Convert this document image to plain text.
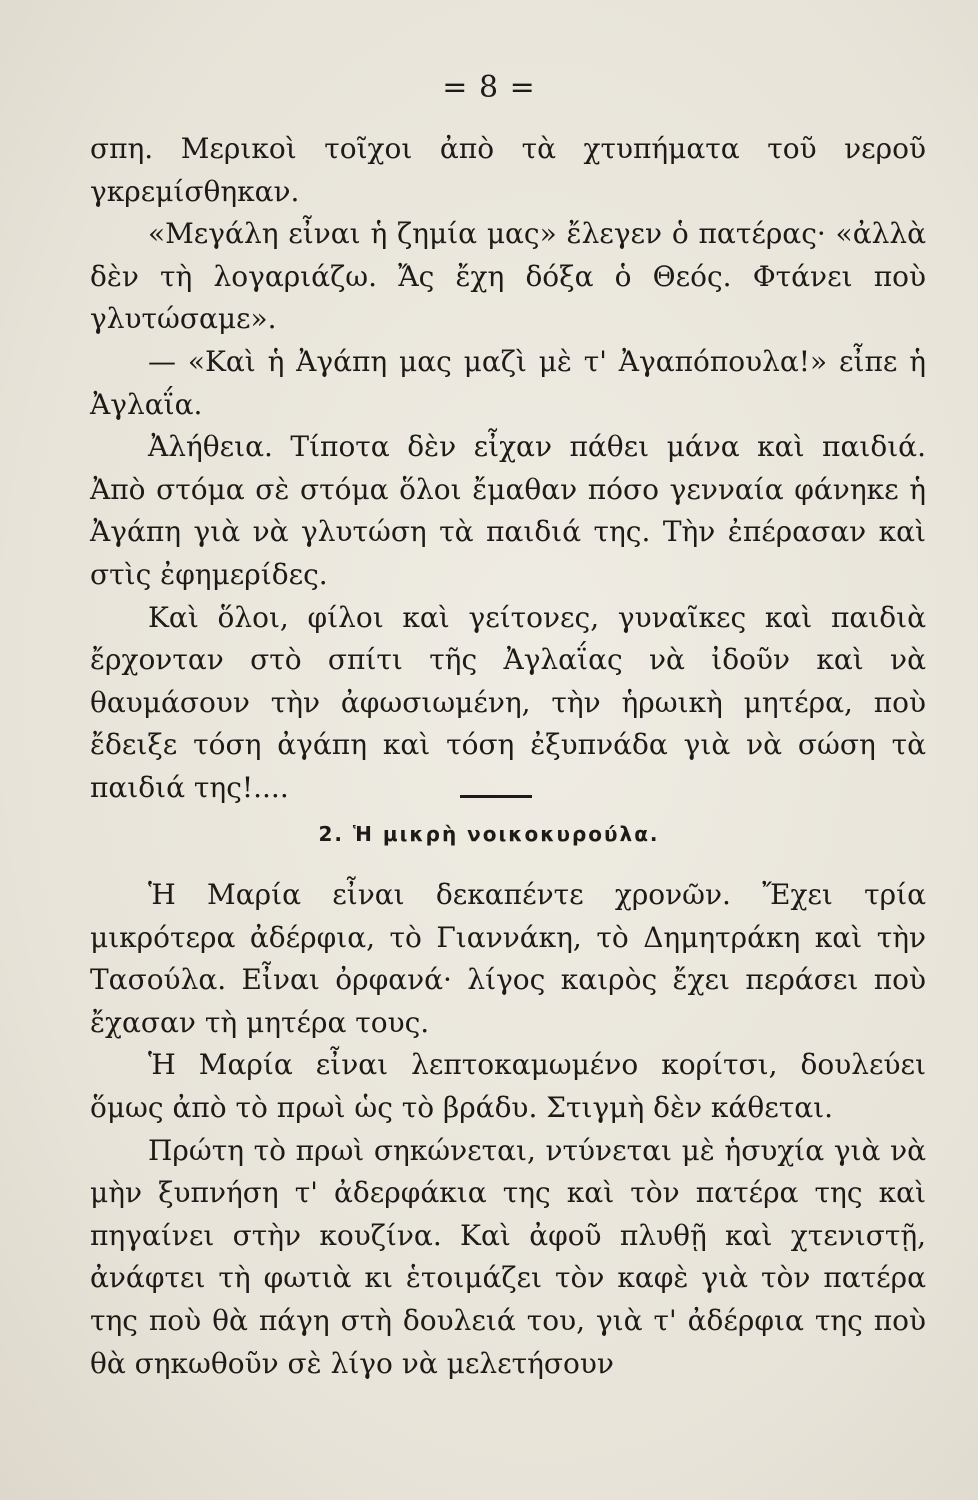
= 8 =

σπη. Μερικοὶ τοῖχοι ἀπὸ τὰ χτυπήματα τοῦ νεροῦ γκρεμίσθηκαν.

«Μεγάλη εἶναι ἡ ζημία μας» ἔλεγεν ὁ πατέρας· «ἀλλὰ δὲν τὴ λογαριάζω. Ἄς ἔχη δόξα ὁ Θεός. Φτάνει ποὺ γλυτώσαμε».

— «Καὶ ἡ Ἀγάπη μας μαζὶ μὲ τ' Ἀγαπόπουλα!» εἶπε ἡ Ἀγλαΐα.

Ἀλήθεια. Τίποτα δὲν εἶχαν πάθει μάνα καὶ παιδιά. Ἀπὸ στόμα σὲ στόμα ὅλοι ἔμαθαν πόσο γενναία φάνηκε ἡ Ἀγάπη γιὰ νὰ γλυτώση τὰ παιδιά της. Τὴν ἐπέρασαν καὶ στὶς ἐφημερίδες.

Καὶ ὅλοι, φίλοι καὶ γείτονες, γυναῖκες καὶ παιδιὰ ἔρχονταν στὸ σπίτι τῆς Ἀγλαΐας νὰ ἰδοῦν καὶ νὰ θαυμάσουν τὴν ἀφωσιωμένη, τὴν ἡρωικὴ μητέρα, ποὺ ἔδειξε τόση ἀγάπη καὶ τόση ἐξυπνάδα γιὰ νὰ σώση τὰ παιδιά της!....

2. Ἡ μικρὴ νοικοκυρούλα.

Ἡ Μαρία εἶναι δεκαπέντε χρονῶν. Ἔχει τρία μικρότερα ἀδέρφια, τὸ Γιαννάκη, τὸ Δημητράκη καὶ τὴν Τασούλα. Εἶναι ὀρφανά· λίγος καιρὸς ἔχει περάσει ποὺ ἔχασαν τὴ μητέρα τους.

Ἡ Μαρία εἶναι λεπτοκαμωμένο κορίτσι, δουλεύει ὅμως ἀπὸ τὸ πρωὶ ὡς τὸ βράδυ. Στιγμὴ δὲν κάθεται.

Πρώτη τὸ πρωὶ σηκώνεται, ντύνεται μὲ ἡσυχία γιὰ νὰ μὴν ξυπνήση τ' ἀδερφάκια της καὶ τὸν πατέρα της καὶ πηγαίνει στὴν κουζίνα. Καὶ ἀφοῦ πλυθῇ καὶ χτενιστῇ, ἀνάφτει τὴ φωτιὰ κι ἑτοιμάζει τὸν καφὲ γιὰ τὸν πατέρα της ποὺ θὰ πάγη στὴ δουλειά του, γιὰ τ' ἀδέρφια της ποὺ θὰ σηκωθοῦν σὲ λίγο νὰ μελετήσουν
